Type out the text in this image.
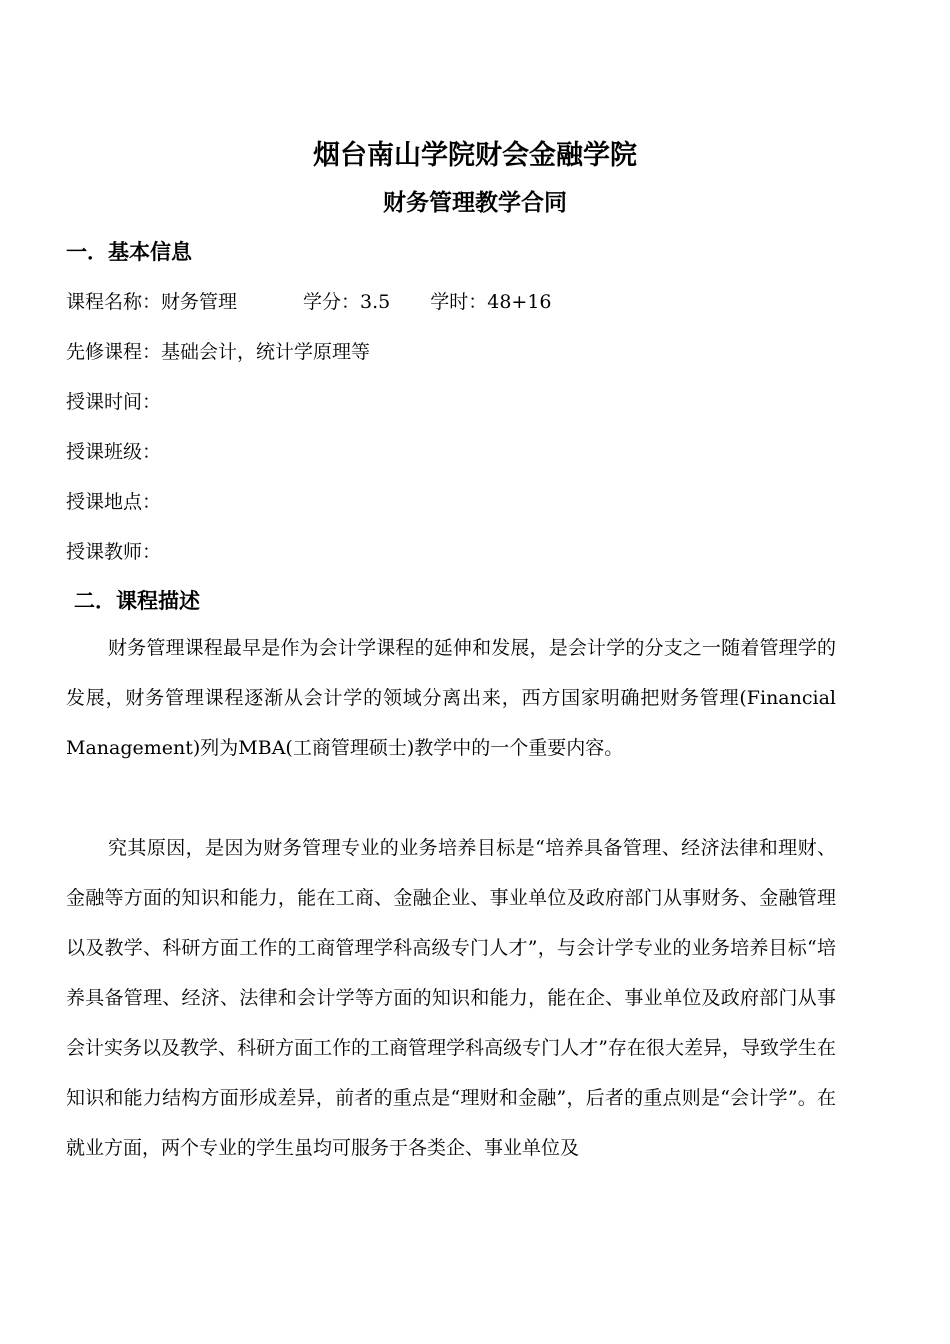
烟台南山学院财会金融学院
财务管理教学合同
一．基本信息
课程名称：财务管理	学分：3.5 学时：48+16
先修课程：基础会计，统计学原理等
授课时间：
授课班级：
授课地点：
授课教师：
二．课程描述

财务管理课程最早是作为会计学课程的延伸和发展，是会计学的分支之一随着管理学的发展，财务管理课程逐渐从会计学的领域分离出来，西方国家明确把财务管理(Financial Management)列为MBA(工商管理硕士)教学中的一个重要内容。

究其原因，是因为财务管理专业的业务培养目标是“培养具备管理、经济法律和理财、金融等方面的知识和能力，能在工商、金融企业、事业单位及政府部门从事财务、金融管理以及教学、科研方面工作的工商管理学科高级专门人才”，与会计学专业的业务培养目标“培养具备管理、经济、法律和会计学等方面的知识和能力，能在企、事业单位及政府部门从事会计实务以及教学、科研方面工作的工商管理学科高级专门人才”存在很大差异，导致学生在知识和能力结构方面形成差异，前者的重点是“理财和金融”，后者的重点则是“会计学”。在就业方面，两个专业的学生虽均可服务于各类企、事业单位及
